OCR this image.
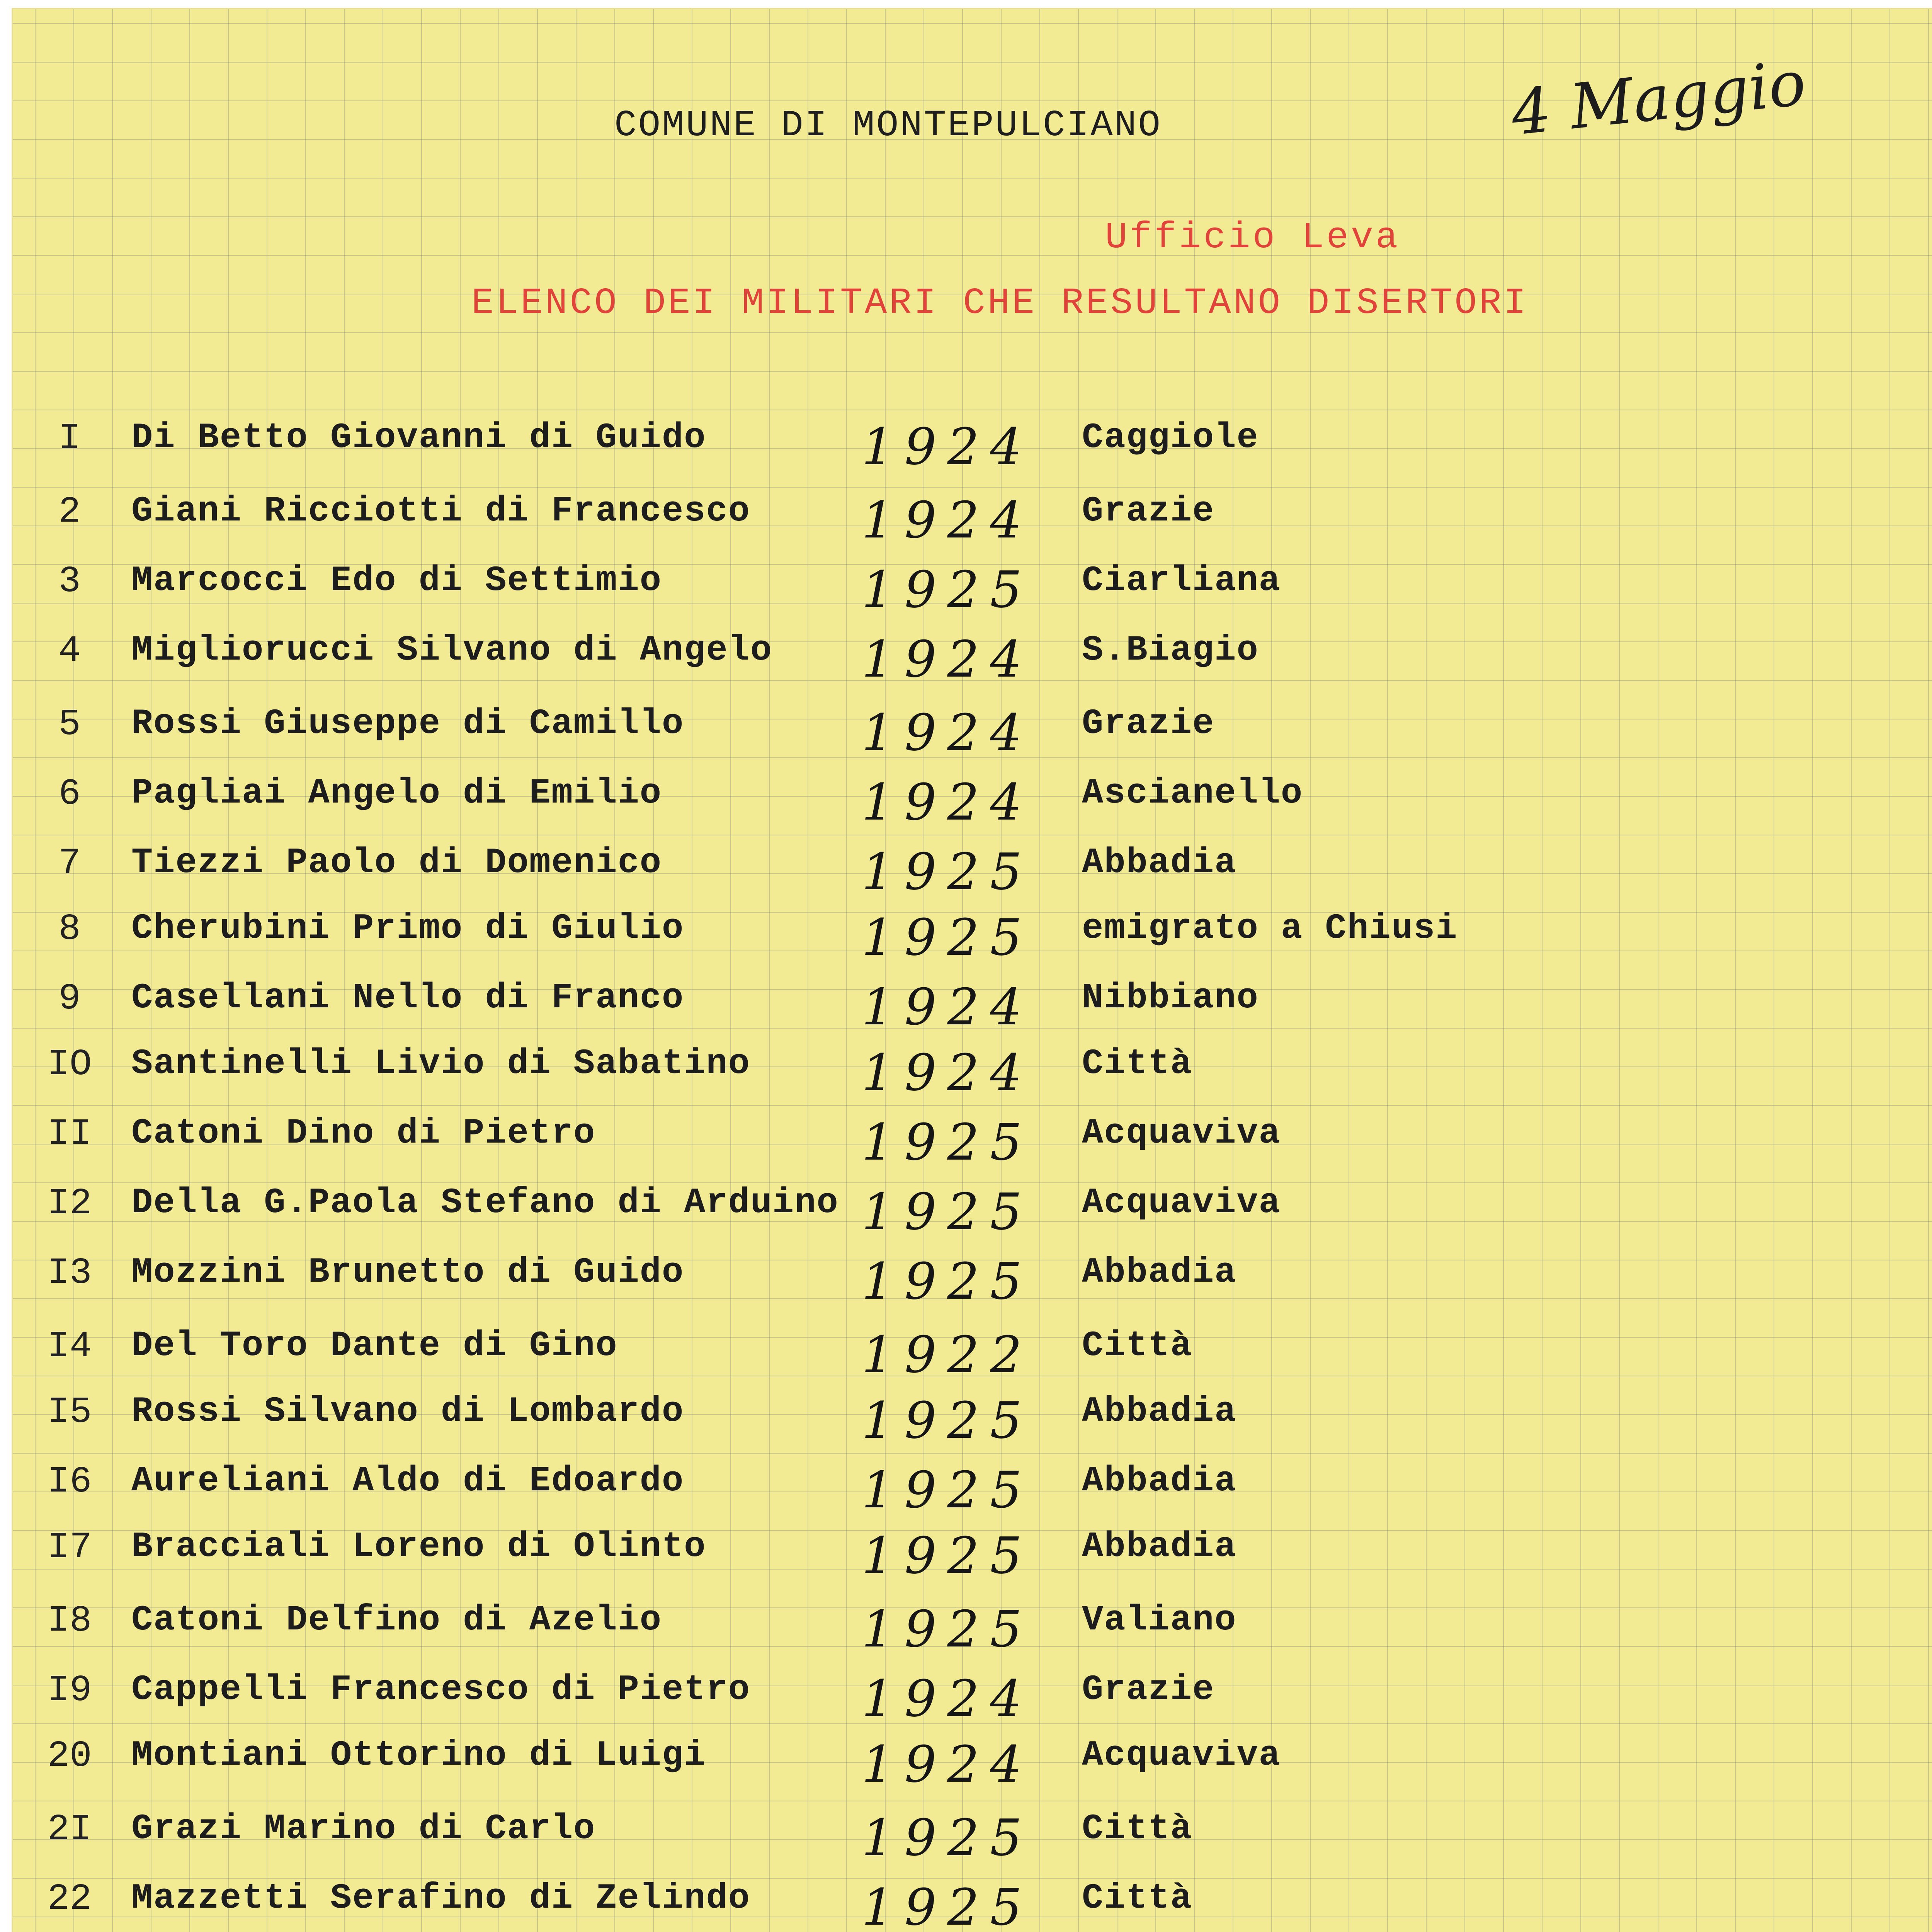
COMUNE DI MONTEPULCIANO
Ufficio Leva
ELENCO DEI MILITARI CHE RESULTANO DISERTORI
4 Maggio
I	Di Betto Giovanni di Guido	1924 Caggiole
2	Giani Ricciotti di Francesco 1924 Grazie
3	Marcocci Edo di Settimio	1925 Ciarliana
4	Migliorucci Silvano di Angelo 1924 S.Biagio
5	Rossi Giuseppe di Camillo	1924 Grazie
6	Pagliai Angelo di Emilio	1924 Ascianello
7	Tiezzi Paolo di Domenico	1925 Abbadia
8	Cherubini Primo di Giulio	1925 emigrato a Chiusi
9	Casellani Nello di Franco	1924 Nibbiano
IO Santinelli Livio di Sabatino 1924 Città
II Catoni Dino di Pietro	1925 Acquaviva
I2 Della G.Paola Stefano di Arduino 1925 Acquaviva
I3 Mozzini Brunetto di Guido	1925 Abbadia
I4 Del Toro Dante di Gino	1922 Città
I5 Rossi Silvano di Lombardo	1925 Abbadia
I6 Aureliani Aldo di Edoardo	1925 Abbadia
I7 Bracciali Loreno di Olinto	1925 Abbadia
I8 Catoni Delfino di Azelio	1925 Valiano
I9 Cappelli Francesco di Pietro 1924 Grazie
20 Montiani Ottorino di Luigi	1924 Acquaviva
2I Grazi Marino di Carlo	1925 Città
22 Mazzetti Serafino di Zelindo 1925 Città
